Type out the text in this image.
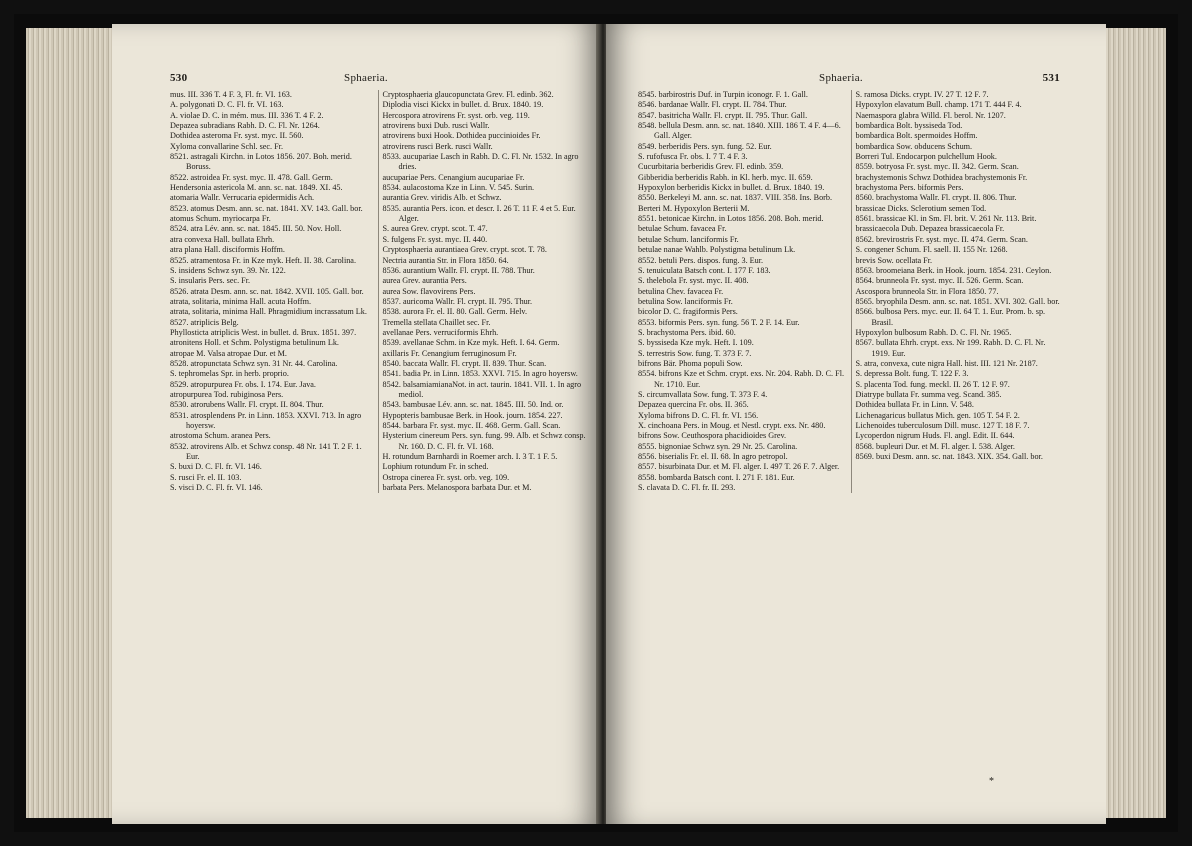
530	Sphaeria.
mus. III. 336 T. 4 F. 3, Fl. fr. VI. 163.
A. polygonati D. C. Fl. fr. VI. 163.
A. violae D. C. in mém. mus. III. 336 T. 4 F. 2.
Depazea subradians Rabh. D. C. Fl. Nr. 1264.
Dothidea asteroma Fr. syst. myc. II. 560.
Xyloma convallarine Schl. sec. Fr.
8521. astragali Kirchn. in Lotos 1856. 207. Boh. merid. Boruss.
8522. astroidea Fr. syst. myc. II. 478. Gall. Germ.
Hendersonia astericola M. ann. sc. nat. 1849. XI. 45.
atomaria Wallr. Verrucaria epidermidis Ach.
8523. atomus Desm. ann. sc. nat. 1841. XV. 143. Gall. bor.
atomus Schum. myriocarpa Fr.
8524. atra Lév. ann. sc. nat. 1845. III. 50. Nov. Holl.
atra convexa Hall. bullata Ehrh.
atra plana Hall. disciformis Hoffm.
8525. atramentosa Fr. in Kze myk. Heft. II. 38. Carolina.
S. insidens Schwz syn. 39. Nr. 122.
S. insularis Pers. sec. Fr.
8526. atrata Desm. ann. sc. nat. 1842. XVII. 105. Gall. bor.
atrata, solitaria, minima Hall. acuta Hoffm.
atrata, solitaria, minima Hall. Phragmidium incrassatum Lk.
8527. atriplicis Belg.
Phyllosticta atriplicis West. in bullet. d. Brux. 1851. 397.
atronitens Holl. et Schm. Polystigma betulinum Lk.
atropae M. Valsa atropae Dur. et M.
8528. atropunctata Schwz syn. 31 Nr. 44. Carolina.
S. tephromelas Spr. in herb. proprio.
8529. atropurpurea Fr. obs. I. 174. Eur. Java.
atropurpurea Tod. rubiginosa Pers.
8530. atrorubens Wallr. Fl. crypt. II. 804. Thur.
8531. atrosplendens Pr. in Linn. 1853. XXVI. 713. In agro hoyersw.
atrostoma Schum. aranea Pers.
8532. atrovirens Alb. et Schwz consp. 48 Nr. 141 T. 2 F. 1. Eur.
S. buxi D. C. Fl. fr. VI. 146.
S. rusci Fr. el. II. 103.
S. visci D. C. Fl. fr. VI. 146.
Cryptosphaeria glaucopunctata Grev. Fl. edinb. 362.
Diplodia visci Kickx in bullet. d. Brux. 1840. 19.
Hercospora atrovirens Fr. syst. orb. veg. 119.
atrovirens buxi Dub. rusci Wallr.
atrovirens buxi Hook. Dothidea puccinioides Fr.
atrovirens rusci Berk. rusci Wallr.
8533. aucupariae Lasch in Rabh. D. C. Fl. Nr. 1532. In agro dries.
aucupariae Pers. Cenangium aucupariae Fr.
8534. aulacostoma Kze in Linn. V. 545. Surin.
aurantia Grev. viridis Alb. et Schwz.
8535. aurantia Pers. icon. et descr. I. 26 T. 11 F. 4 et 5. Eur. Alger.
S. aurea Grev. crypt. scot. T. 47.
S. fulgens Fr. syst. myc. II. 440.
Cryptosphaeria aurantiaea Grev. crypt. scot. T. 78.
Nectria aurantia Str. in Flora 1850. 64.
8536. aurantium Wallr. Fl. crypt. II. 788. Thur.
aurea Grev. aurantia Pers.
aurea Sow. flavovirens Pers.
8537. auricoma Wallr. Fl. crypt. II. 795. Thur.
8538. aurora Fr. el. II. 80. Gall. Germ. Helv.
Tremella stellata Chaillet sec. Fr.
avellanae Pers. verruciformis Ehrh.
8539. avellanae Schm. in Kze myk. Heft. I. 64. Germ.
axillaris Fr. Cenangium ferruginosum Fr.
8540. baccata Wallr. Fl. crypt. II. 839. Thur. Scan.
8541. badia Pr. in Linn. 1853. XXVI. 715. In agro hoyersw.
8542. balsamiamianaNot. in act. taurin. 1841. VII. 1. In agro mediol.
8543. bambusae Lév. ann. sc. nat. 1845. III. 50. Ind. or.
Hypopteris bambusae Berk. in Hook. journ. 1854. 227.
8544. barbara Fr. syst. myc. II. 468. Germ. Gall. Scan.
Hysterium cinereum Pers. syn. fung. 99. Alb. et Schwz consp. Nr. 160. D. C. Fl. fr. VI. 168.
H. rotundum Barnhardi in Roemer arch. I. 3 T. 1 F. 5.
Lophium rotundum Fr. in sched.
Ostropa cinerea Fr. syst. orb. veg. 109.
barbata Pers. Melanospora barbata Dur. et M.
Sphaeria.	531
8545. barbirostris Duf. in Turpin iconogr. F. 1. Gall.
8546. bardanae Wallr. Fl. crypt. II. 784. Thur.
8547. basitricha Wallr. Fl. crypt. II. 795. Thur. Gall.
8548. bellula Desm. ann. sc. nat. 1840. XIII. 186 T. 4 F. 4—6. Gall. Alger.
8549. berberidis Pers. syn. fung. 52. Eur.
S. rufofusca Fr. obs. I. 7 T. 4 F. 3.
Cucurbitaria berberidis Grev. Fl. edinb. 359.
Gibberidia berberidis Rabh. in Kl. herb. myc. II. 659.
Hypoxylon berberidis Kickx in bullet. d. Brux. 1840. 19.
8550. Berkeleyi M. ann. sc. nat. 1837. VIII. 358. Ins. Borb.
Berteri M. Hypoxylon Berterii M.
8551. betonicae Kirchn. in Lotos 1856. 208. Boh. merid.
betulae Schum. favacea Fr.
betulae Schum. lanciformis Fr.
betulae nanae Wahlb. Polystigma betulinum Lk.
8552. betuli Pers. dispos. fung. 3. Eur.
S. tenuiculata Batsch cont. I. 177 F. 183.
S. thelebola Fr. syst. myc. II. 408.
betulina Chev. favacea Fr.
betulina Sow. lanciformis Fr.
bicolor D. C. fragiformis Pers.
8553. biformis Pers. syn. fung. 56 T. 2 F. 14. Eur.
S. brachystoma Pers. ibid. 60.
S. byssiseda Kze myk. Heft. I. 109.
S. terrestris Sow. fung. T. 373 F. 7.
bifrons Bär. Phoma populi Sow.
8554. bifrons Kze et Schm. crypt. exs. Nr. 204. Rabh. D. C. Fl. Nr. 1710. Eur.
S. circumvallata Sow. fung. T. 373 F. 4.
Depazea quercina Fr. obs. II. 365.
Xyloma bifrons D. C. Fl. fr. VI. 156.
X. cinchoana Pers. in Moug. et Nestl. crypt. exs. Nr. 480.
bifrons Sow. Ceuthospora phacidioides Grev.
8555. bignoniae Schwz syn. 29 Nr. 25. Carolina.
8556. biserialis Fr. el. II. 68. In agro petropol.
8557. bisurbinata Dur. et M. Fl. alger. I. 497 T. 26 F. 7. Alger.
8558. bombarda Batsch cont. I. 271 F. 181. Eur.
S. clavata D. C. Fl. fr. II. 293.
S. ramosa Dicks. crypt. IV. 27 T. 12 F. 7.
Hypoxylon elavatum Bull. champ. 171 T. 444 F. 4.
Naemaspora glabra Willd. Fl. berol. Nr. 1207.
bombardica Bolt. byssiseda Tod.
bombardica Bolt. spermoides Hoffm.
bombardica Sow. obducens Schum.
Borreri Tul. Endocarpon pulchellum Hook.
8559. botryosa Fr. syst. myc. II. 342. Germ. Scan.
brachystemonis Schwz Dothidea brachystemonis Fr.
brachystoma Pers. biformis Pers.
8560. brachystoma Wallr. Fl. crypt. II. 806. Thur.
brassicae Dicks. Sclerotium semen Tod.
8561. brassicae Kl. in Sm. Fl. brit. V. 261 Nr. 113. Brit.
brassicaecola Dub. Depazea brassicaecola Fr.
8562. brevirostris Fr. syst. myc. II. 474. Germ. Scan.
S. congener Schum. Fl. saell. II. 155 Nr. 1268.
brevis Sow. ocellata Fr.
8563. broomeiana Berk. in Hook. journ. 1854. 231. Ceylon.
8564. brunneola Fr. syst. myc. II. 526. Germ. Scan.
Ascospora brunneola Str. in Flora 1850. 77.
8565. bryophila Desm. ann. sc. nat. 1851. XVI. 302. Gall. bor.
8566. bulbosa Pers. myc. eur. II. 64 T. 1. Eur. Prom. b. sp. Brasil.
Hypoxylon bulbosum Rabh. D. C. Fl. Nr. 1965.
8567. bullata Ehrh. crypt. exs. Nr 199. Rabh. D. C. Fl. Nr. 1919. Eur.
S. atra, convexa, cute nigra Hall. hist. III. 121 Nr. 2187.
S. depressa Bolt. fung. T. 122 F. 3.
S. placenta Tod. fung. meckl. II. 26 T. 12 F. 97.
Diatrype bullata Fr. summa veg. Scand. 385.
Dothidea bullata Fr. in Linn. V. 548.
Lichenagaricus bullatus Mich. gen. 105 T. 54 F. 2.
Lichenoides tuberculosum Dill. musc. 127 T. 18 F. 7.
Lycoperdon nigrum Huds. Fl. angl. Edit. II. 644.
8568. bupleuri Dur. et M. Fl. alger. I. 538. Alger.
8569. buxi Desm. ann. sc. nat. 1843. XIX. 354. Gall. bor.
*
